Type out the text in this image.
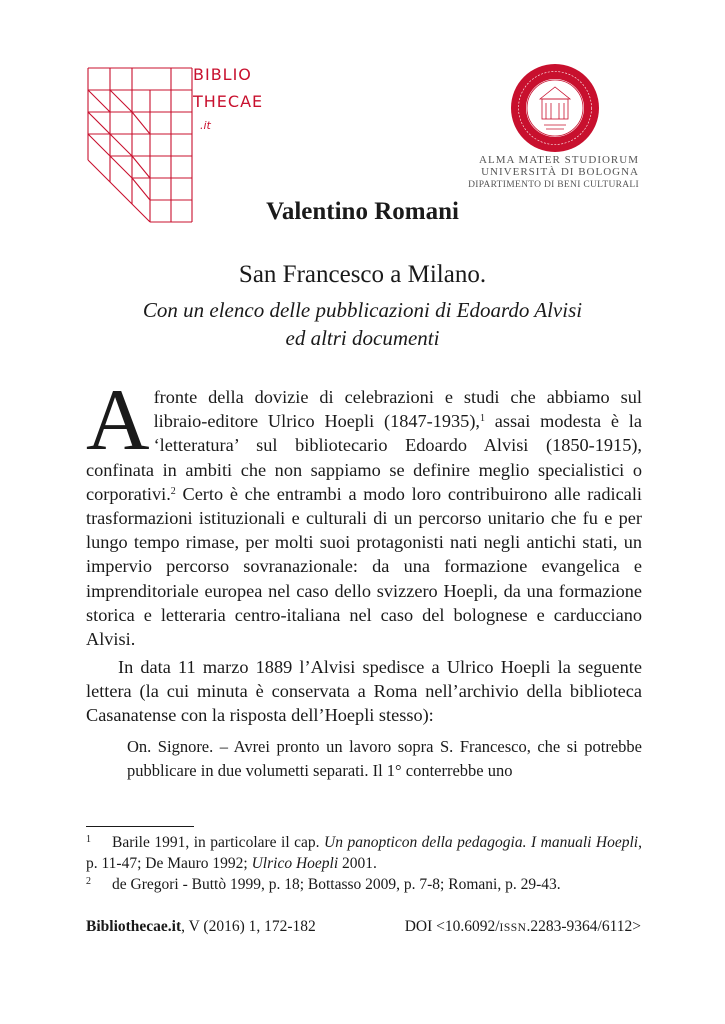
BIBLIO
THECAE
.it
ALMA MATER STUDIORUM
UNIVERSITÀ DI BOLOGNA
DIPARTIMENTO DI BENI CULTURALI
Valentino Romani
San Francesco a Milano.
Con un elenco delle pubblicazioni di Edoardo Alvisi
ed altri documenti

Afronte della dovizie di celebrazioni e studi che abbiamo sul libraio-editore Ulrico Hoepli (1847-1935),$^1$ assai modesta è la ‘letteratura’ sul bibliotecario Edoardo Alvisi (1850-1915), confinata in ambiti che non sappiamo se definire meglio specialistici o corporativi.$^2$ Certo è che entrambi a modo loro contribuirono alle radicali trasformazioni istituzionali e culturali di un percorso unitario che fu e per lungo tempo rimase, per molti suoi protagonisti nati negli antichi stati, un impervio percorso sovranazionale: da una formazione evangelica e imprenditoriale europea nel caso dello svizzero Hoepli, da una formazione storica e letteraria centro-italiana nel caso del bolognese e carducciano Alvisi.

In data 11 marzo 1889 l’Alvisi spedisce a Ulrico Hoepli la seguente lettera (la cui minuta è conservata a Roma nell’archivio della biblioteca Casanatense con la risposta dell’Hoepli stesso):

On. Signore. – Avrei pronto un lavoro sopra S. Francesco, che si potrebbe pubblicare in due volumetti separati. Il 1° conterrebbe uno

1 Barile 1991, in particolare il cap. Un panopticon della pedagogia. I manuali Hoepli, p. 11-47; De Mauro 1992; Ulrico Hoepli 2001.

2 de Gregori - Buttò 1999, p. 18; Bottasso 2009, p. 7-8; Romani, p. 29-43.

Bibliothecae.it, V (2016) 1, 172-182	DOI <10.6092/ISSN.2283-9364/6112>
